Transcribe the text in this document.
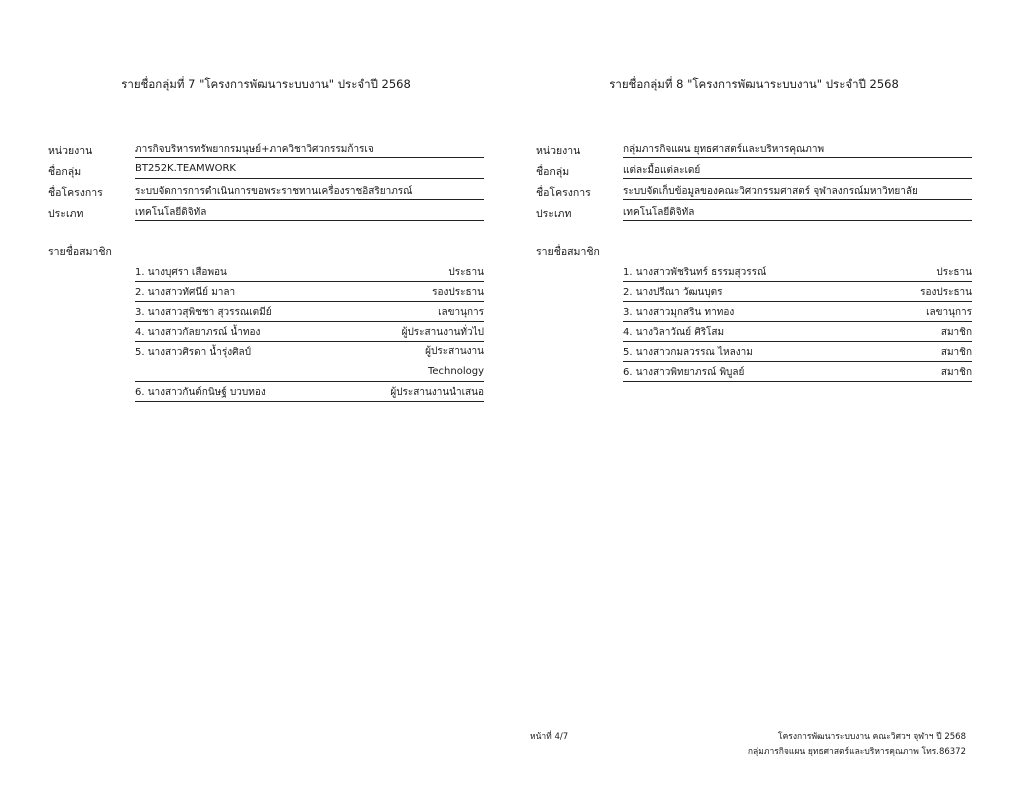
รายชื่อกลุ่มที่ 7 "โครงการพัฒนาระบบงาน" ประจำปี 2568
หน่วยงาน	ภารกิจบริหารทรัพยากรมนุษย์+ภาควิชาวิศวกรรมก้ารเจ
ชื่อกลุ่ม	BT252K.TEAMWORK
ชื่อโครงการ	ระบบจัดการการดำเนินการขอพระราชทานเครื่องราชอิสริยาภรณ์
ประเภท	เทคโนโลยีดิจิทัล
รายชื่อสมาชิก
1. นางบุศรา เสือพอน	ประธาน
2. นางสาวทัศนีย์ มาลา	รองประธาน
3. นางสาวสุพิชชา สุวรรณเตมีย์	เลขานุการ
4. นางสาวกัลยาภรณ์ น้ำทอง	ผู้ประสานงานทั่วไป
5. นางสาวศิรดา น้ำรุ่งศิลป์	ผู้ประสานงาน
Technology
6. นางสาวกันต์กนิษฐ์ บวบทอง	ผู้ประสานงานนำเสนอ
รายชื่อกลุ่มที่ 8 "โครงการพัฒนาระบบงาน" ประจำปี 2568
หน่วยงาน	กลุ่มภารกิจแผน ยุทธศาสตร์และบริหารคุณภาพ
ชื่อกลุ่ม	แต่ละมื้อแต่ละเดย์
ชื่อโครงการ	ระบบจัดเก็บข้อมูลของคณะวิศวกรรมศาสตร์ จุฬาลงกรณ์มหาวิทยาลัย
ประเภท	เทคโนโลยีดิจิทัล
รายชื่อสมาชิก
1. นางสาวพัชรินทร์ ธรรมสุวรรณ์	ประธาน
2. นางปรีณา วัฒนบุตร	รองประธาน
3. นางสาวมุกสริน ทาทอง	เลขานุการ
4. นางวิลาวัณย์ ศิริโสม	สมาชิก
5. นางสาวกมลวรรณ ไหลงาม	สมาชิก
6. นางสาวพิทยาภรณ์ พิบูลย์	สมาชิก
หน้าที่ 4/7	โครงการพัฒนาระบบงาน คณะวิศวฯ จุฬาฯ ปี 2568
กลุ่มภารกิจแผน ยุทธศาสตร์และบริหารคุณภาพ โทร.86372
